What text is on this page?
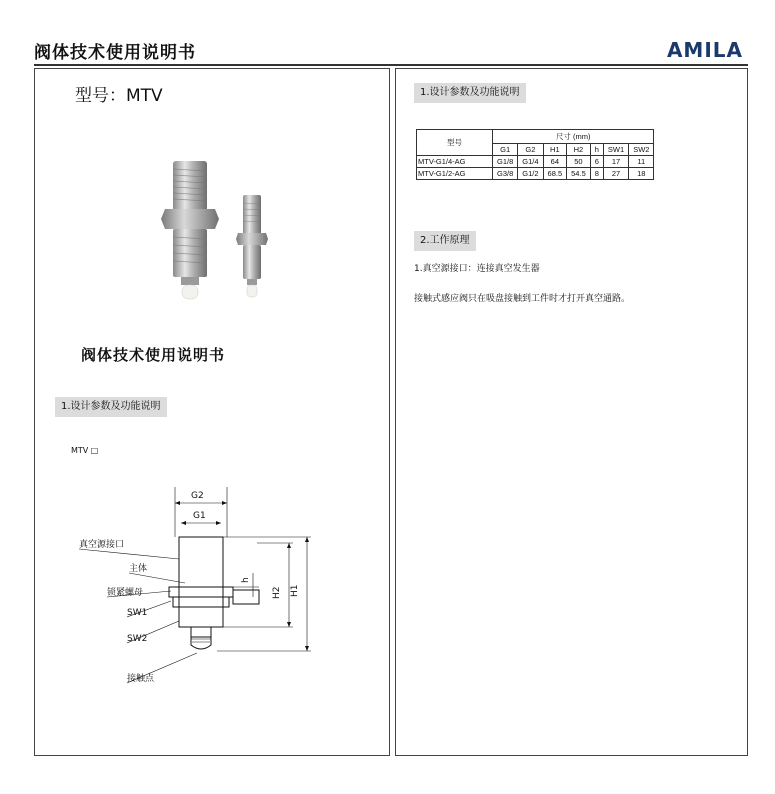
阀体技术使用说明书	AMILA
型号：MTV
阀体技术使用说明书
1.设计参数及功能说明
MTV □
G2
G1
H1
H2
h
真空源接口
主体
锁紧螺母
SW1
SW2
接触点
1.设计参数及功能说明
型号	尺寸 (mm)						
	G1	G2	H1	H2	h	SW1	SW2
MTV-G1/4-AG	G1/8	G1/4	64	50	6	17	11
MTV-G1/2-AG	G3/8	G1/2	68.5	54.5	8	27	18
2.工作原理
1.真空源接口：连接真空发生器
接触式感应阀只在吸盘接触到工件时才打开真空通路。
